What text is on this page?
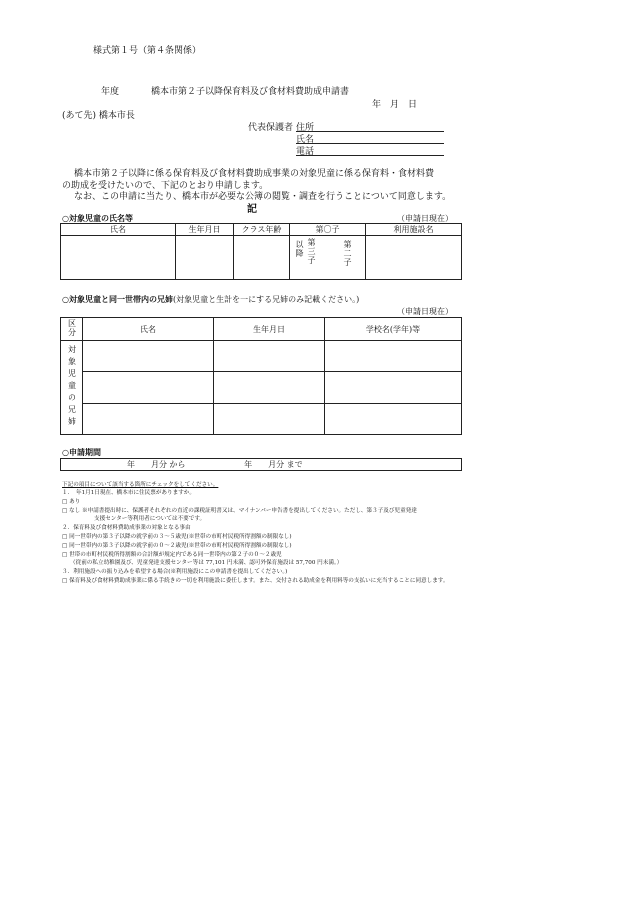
様式第１号（第４条関係）
年度	橋本市第２子以降保育料及び食材料費助成申請書
年　月　日
(あて先) 橋本市長
代表保護者 住所
氏名
電話
橋本市第２子以降に係る保育料及び食材料費助成事業の対象児童に係る保育料・食材料費
の助成を受けたいので、下記のとおり申請します。
なお、この申請に当たり、橋本市が必要な公簿の閲覧・調査を行うことについて同意します。
記
○対象児童の氏名等	（申請日現在）
氏名	生年月日	クラス年齢	第〇子	利用施設名

			以降 第三子 第二子	

○対象児童と同一世帯内の兄姉(対象児童と生計を一にする兄姉のみ記載ください。)
（申請日現在）
区分	氏名	生年月日	学校名(学年)等
対象児童の兄姉			

○申請期間
年　　月分 から	年　　月分 まで
下記の項目について該当する箇所にチェックをしてください。
１．　年1月1日現在、橋本市に住民票がありますか。
□ あり
□ なし ※申請書提出時に、保護者それぞれの直近の課税証明書又は、マイナンバー申告書を提出してください。ただし、第３子及び児童発達
支援センター等利用者については不要です。
２．保育料及び食材料費助成事業の対象となる事由
□ 同一世帯内の第３子以降の就学前の３～５歳児(※世帯の市町村民税所得割額の制限なし)
□ 同一世帯内の第３子以降の就学前の０～２歳児(※世帯の市町村民税所得割額の制限なし)
□ 世帯の市町村民税所得割額の合計額が規定内である同一世帯内の第２子の０～２歳児
（従前の私立幼稚園及び、児童発達支援センター等は 77,101 円未満、認可外保育施設は 57,700 円未満。）
３．利用施設への振り込みを希望する場合(※利用施設にこの申請書を提出してください。)
□ 保育料及び食材料費助成事業に係る手続きの一切を利用施設に委任します。また、交付される助成金を利用料等の支払いに充当することに同意します。
